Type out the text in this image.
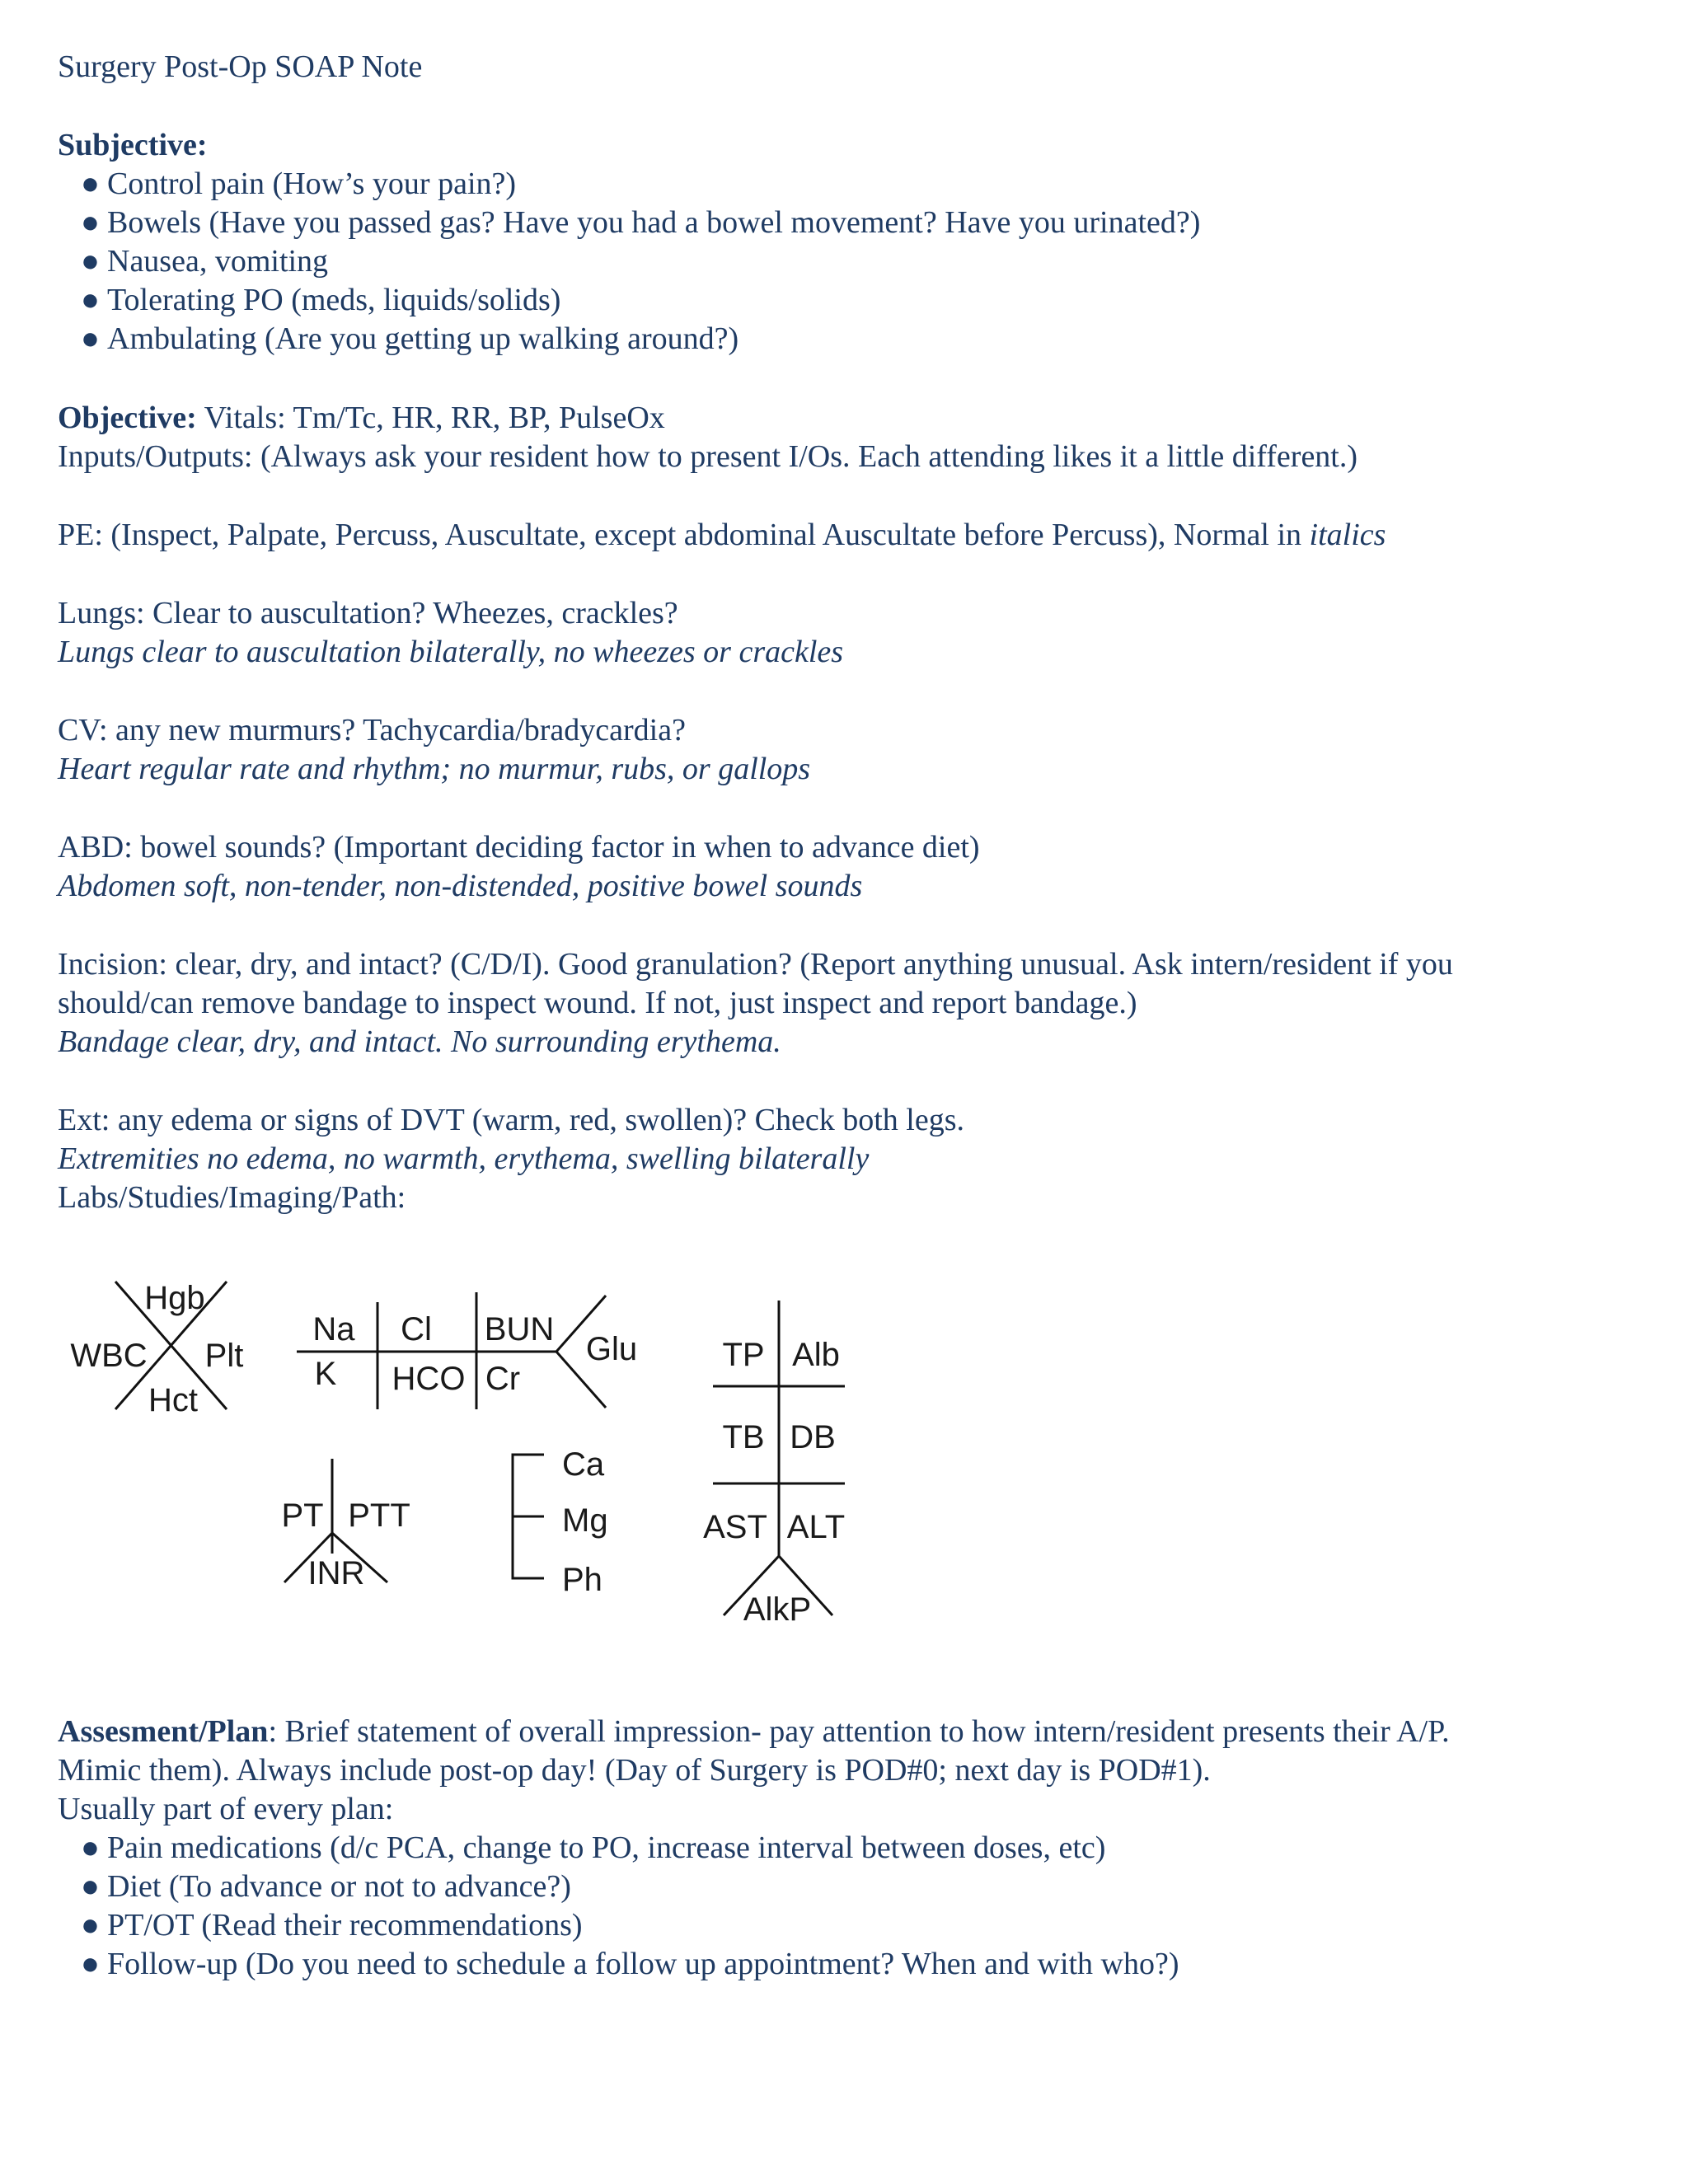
Surgery Post-Op SOAP Note
Subjective:
● Control pain (How’s your pain?)
● Bowels (Have you passed gas? Have you had a bowel movement? Have you urinated?)
● Nausea, vomiting
● Tolerating PO (meds, liquids/solids)
● Ambulating (Are you getting up walking around?)
Objective: Vitals: Tm/Tc, HR, RR, BP, PulseOx
Inputs/Outputs: (Always ask your resident how to present I/Os. Each attending likes it a little different.)
PE: (Inspect, Palpate, Percuss, Auscultate, except abdominal Auscultate before Percuss), Normal in italics
Lungs: Clear to auscultation? Wheezes, crackles?
Lungs clear to auscultation bilaterally, no wheezes or crackles
CV: any new murmurs? Tachycardia/bradycardia?
Heart regular rate and rhythm; no murmur, rubs, or gallops
ABD: bowel sounds? (Important deciding factor in when to advance diet)
Abdomen soft, non-tender, non-distended, positive bowel sounds
Incision: clear, dry, and intact? (C/D/I). Good granulation? (Report anything unusual. Ask intern/resident if you
should/can remove bandage to inspect wound. If not, just inspect and report bandage.)
Bandage clear, dry, and intact. No surrounding erythema.
Ext: any edema or signs of DVT (warm, red, swollen)? Check both legs.
Extremities no edema, no warmth, erythema, swelling bilaterally
Labs/Studies/Imaging/Path:
Hgb
WBC Plt
Hct
Na Cl BUN
K HCO Cr
Glu	TP Alb
TB DB
AST ALT
AlkP
PT PTT
INR
Ca
Mg
Ph
Assesment/Plan: Brief statement of overall impression- pay attention to how intern/resident presents their A/P.
Mimic them). Always include post-op day! (Day of Surgery is POD#0; next day is POD#1).
Usually part of every plan:
● Pain medications (d/c PCA, change to PO, increase interval between doses, etc)
● Diet (To advance or not to advance?)
● PT/OT (Read their recommendations)
● Follow-up (Do you need to schedule a follow up appointment? When and with who?)
